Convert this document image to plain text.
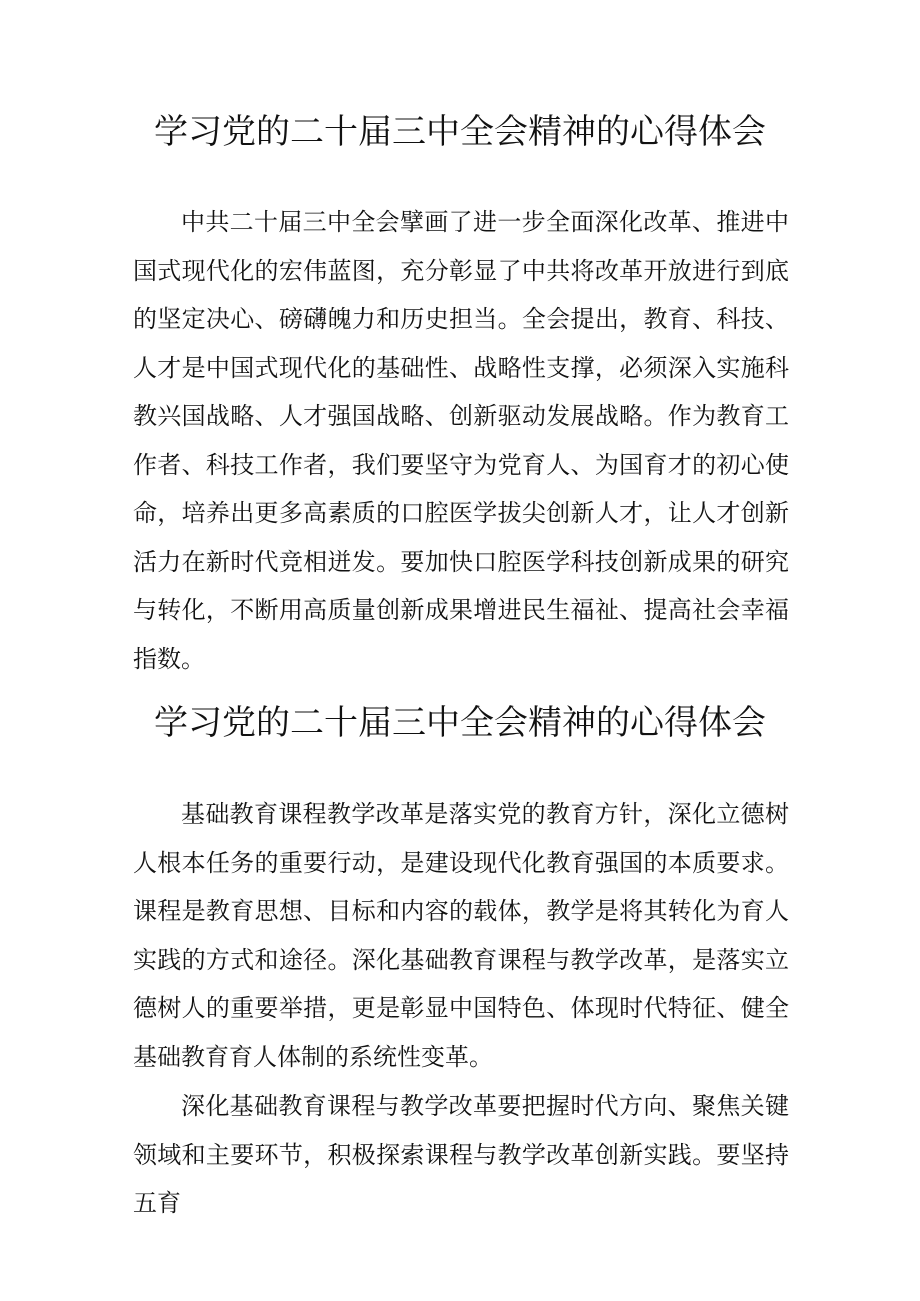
学习党的二十届三中全会精神的心得体会

中共二十届三中全会擘画了进一步全面深化改革、推进中国式现代化的宏伟蓝图，充分彰显了中共将改革开放进行到底的坚定决心、磅礴魄力和历史担当。全会提出，教育、科技、人才是中国式现代化的基础性、战略性支撑，必须深入实施科教兴国战略、人才强国战略、创新驱动发展战略。作为教育工作者、科技工作者，我们要坚守为党育人、为国育才的初心使命，培养出更多高素质的口腔医学拔尖创新人才，让人才创新活力在新时代竞相迸发。要加快口腔医学科技创新成果的研究与转化，不断用高质量创新成果增进民生福祉、提高社会幸福指数。

学习党的二十届三中全会精神的心得体会

基础教育课程教学改革是落实党的教育方针，深化立德树人根本任务的重要行动，是建设现代化教育强国的本质要求。课程是教育思想、目标和内容的载体，教学是将其转化为育人实践的方式和途径。深化基础教育课程与教学改革，是落实立德树人的重要举措，更是彰显中国特色、体现时代特征、健全基础教育育人体制的系统性变革。

深化基础教育课程与教学改革要把握时代方向、聚焦关键领域和主要环节，积极探索课程与教学改革创新实践。要坚持五育
